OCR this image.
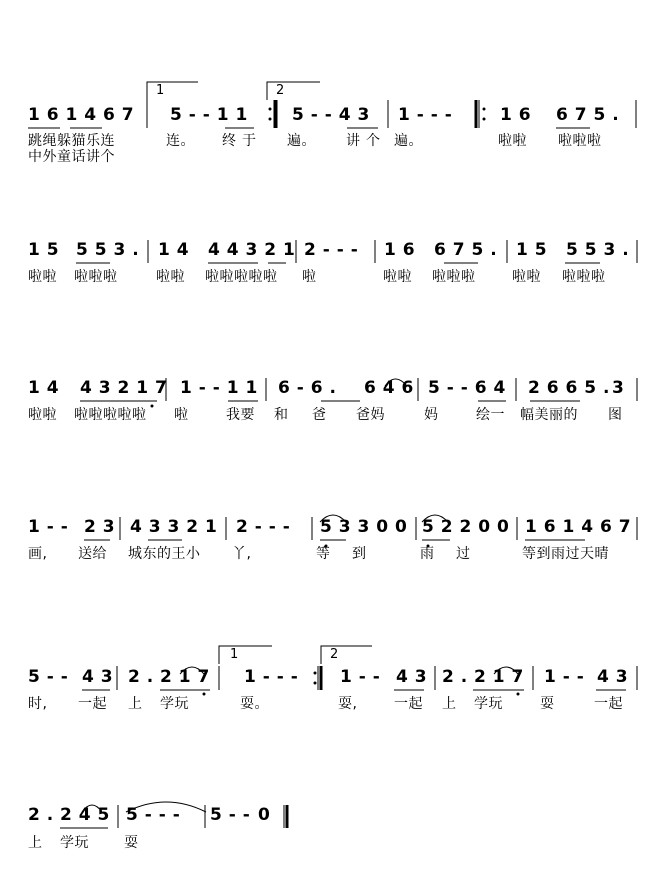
1	2
1 6 1 4 6 7 5 - - 1 1	5 - - 4 3 1 - - -	1 6 6 7 5 .
跳绳躲猫乐连	连。 终于 遍。 讲个 遍。	啦啦 啦啦啦
中外童话讲个
1 5 5 5 3 . 1 4 4 4 3 2 1 2 - - - 1 6 6 7 5 . 1 5 5 5 3 .
啦啦 啦啦啦	啦啦 啦啦啦啦啦 啦	啦啦 啦啦啦	啦啦 啦啦啦
1 4 4 3 2 1 7 1 - - 1 1 6 - 6 . 6 4 6 5 - - 6 4 2 6 6 5 . 3
啦啦 啦啦啦啦啦 啦	我要 和 爸 爸妈	妈	绘一 幅美丽的 图
1 - - 2 3 4 3 3 2 1 2 - - - 5 3 3 0 0 5 2 2 0 0 1 6 1 4 6 7
画, 送给 城东的王小 丫,	等 到	雨 过	等到雨过天晴
1	2
5 - - 4 3 2 . 2 1 7 1 - - - 1 - - 4 3 2 . 2 1 7 1 - - 4 3
时, 一起 上 学玩	耍。	耍,	一起 上 学玩	耍	一起
2 . 2 4 5 5 - - - 5 - - 0
上 学玩	耍
